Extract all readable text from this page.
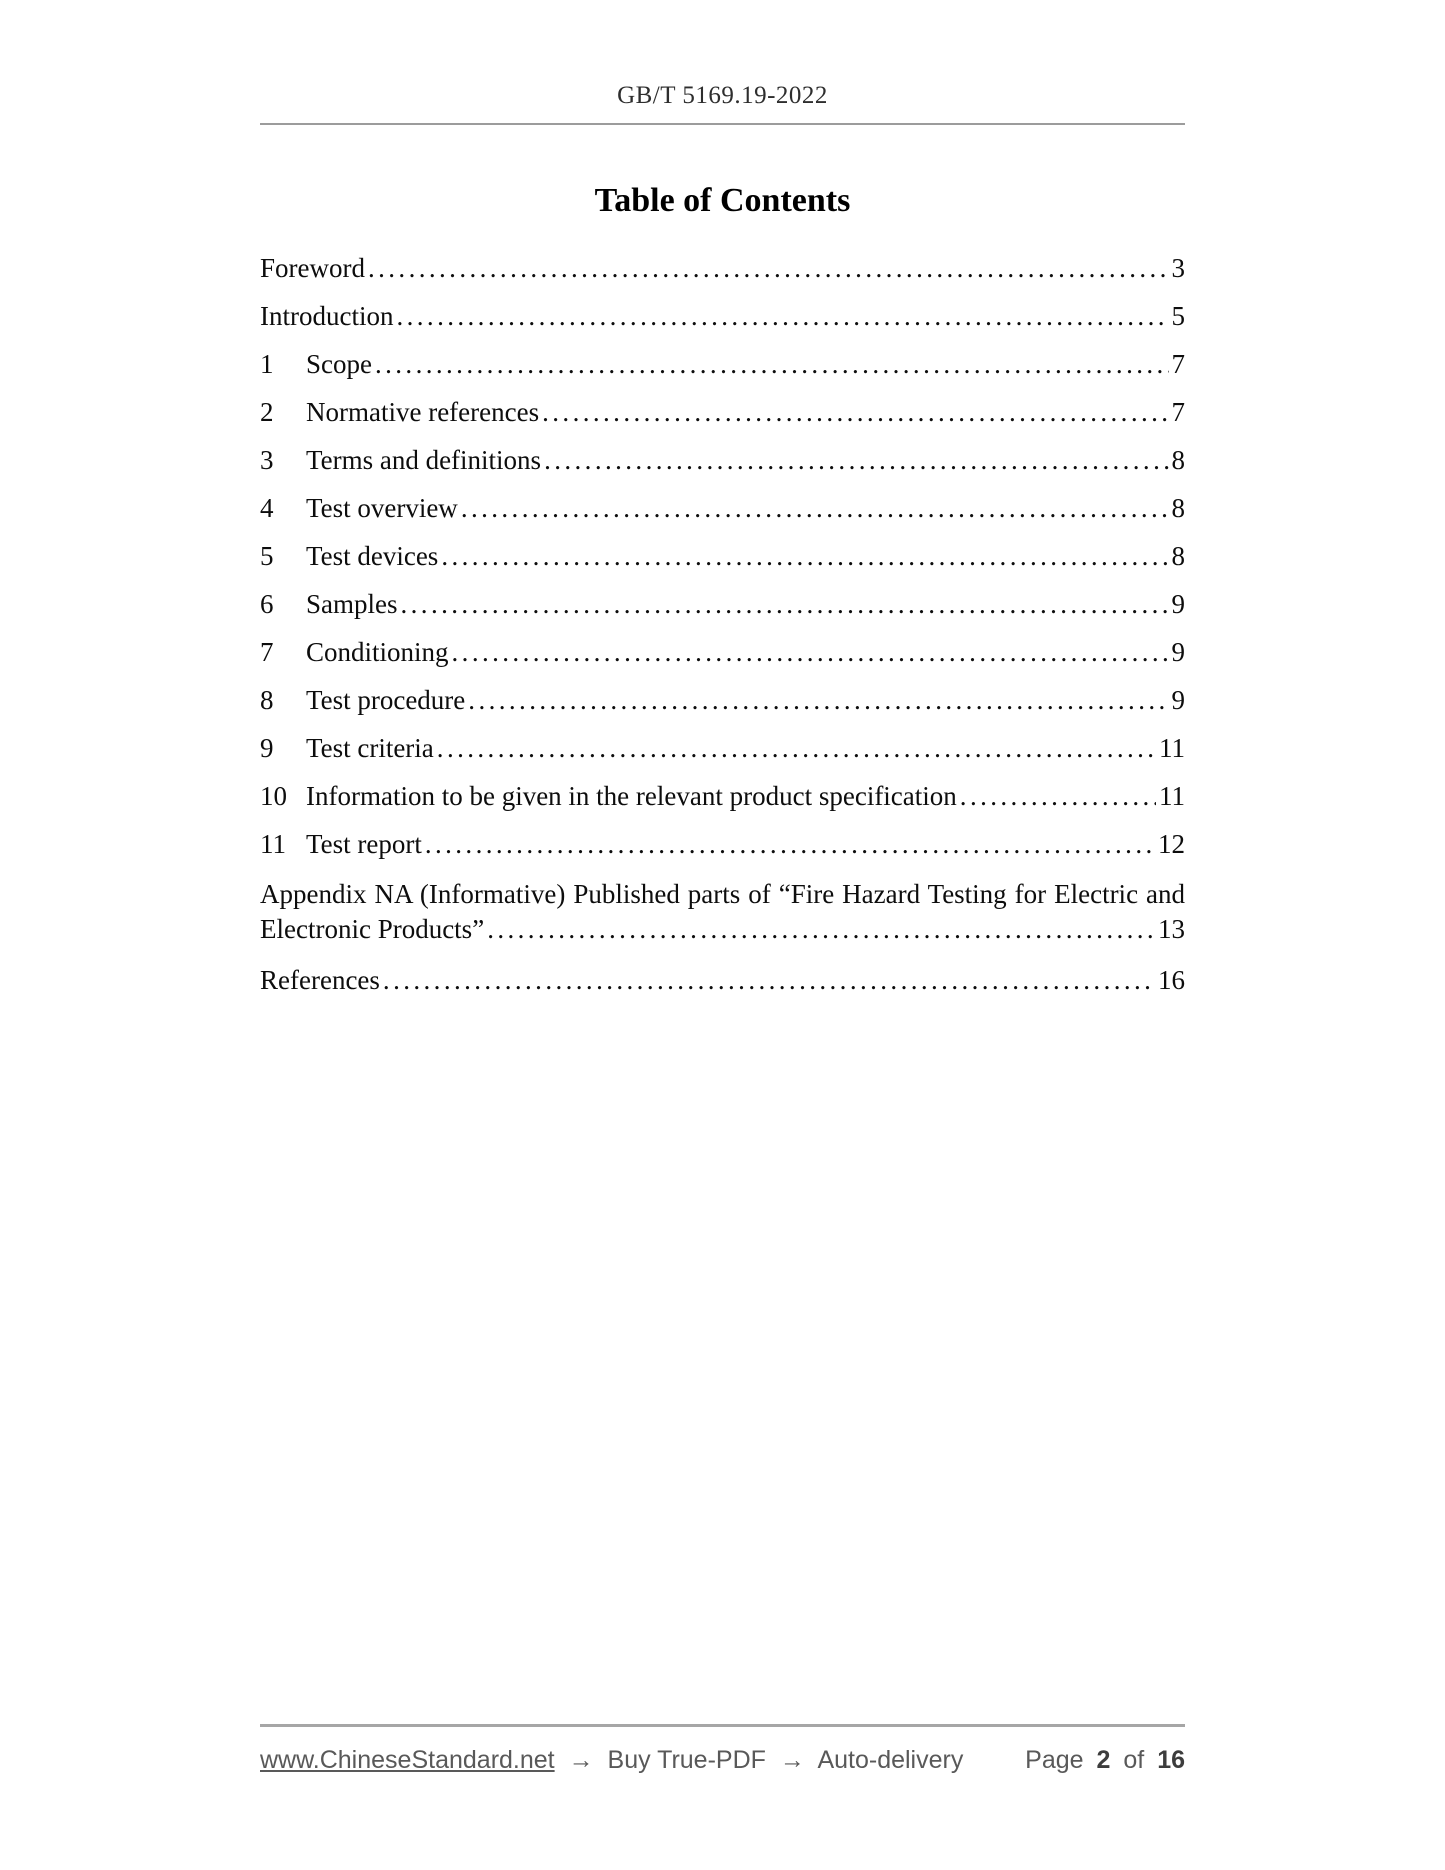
GB/T 5169.19-2022
Table of Contents
Foreword .....	3
Introduction .....	5
1	Scope .....	7
2	Normative references .....	7
3	Terms and definitions .....	8
4	Test overview .....	8
5	Test devices .....	8
6	Samples .....	9
7	Conditioning .....	9
8	Test procedure .....	9
9	Test criteria .....	11
10 Information to be given in the relevant product specification .....	11
11 Test report .....	12
Appendix NA (Informative) Published parts of “Fire Hazard Testing for Electric and
Electronic Products” .....	13
References .....	16
www.ChineseStandard.net → Buy True-PDF → Auto-delivery Page 2 of 16
